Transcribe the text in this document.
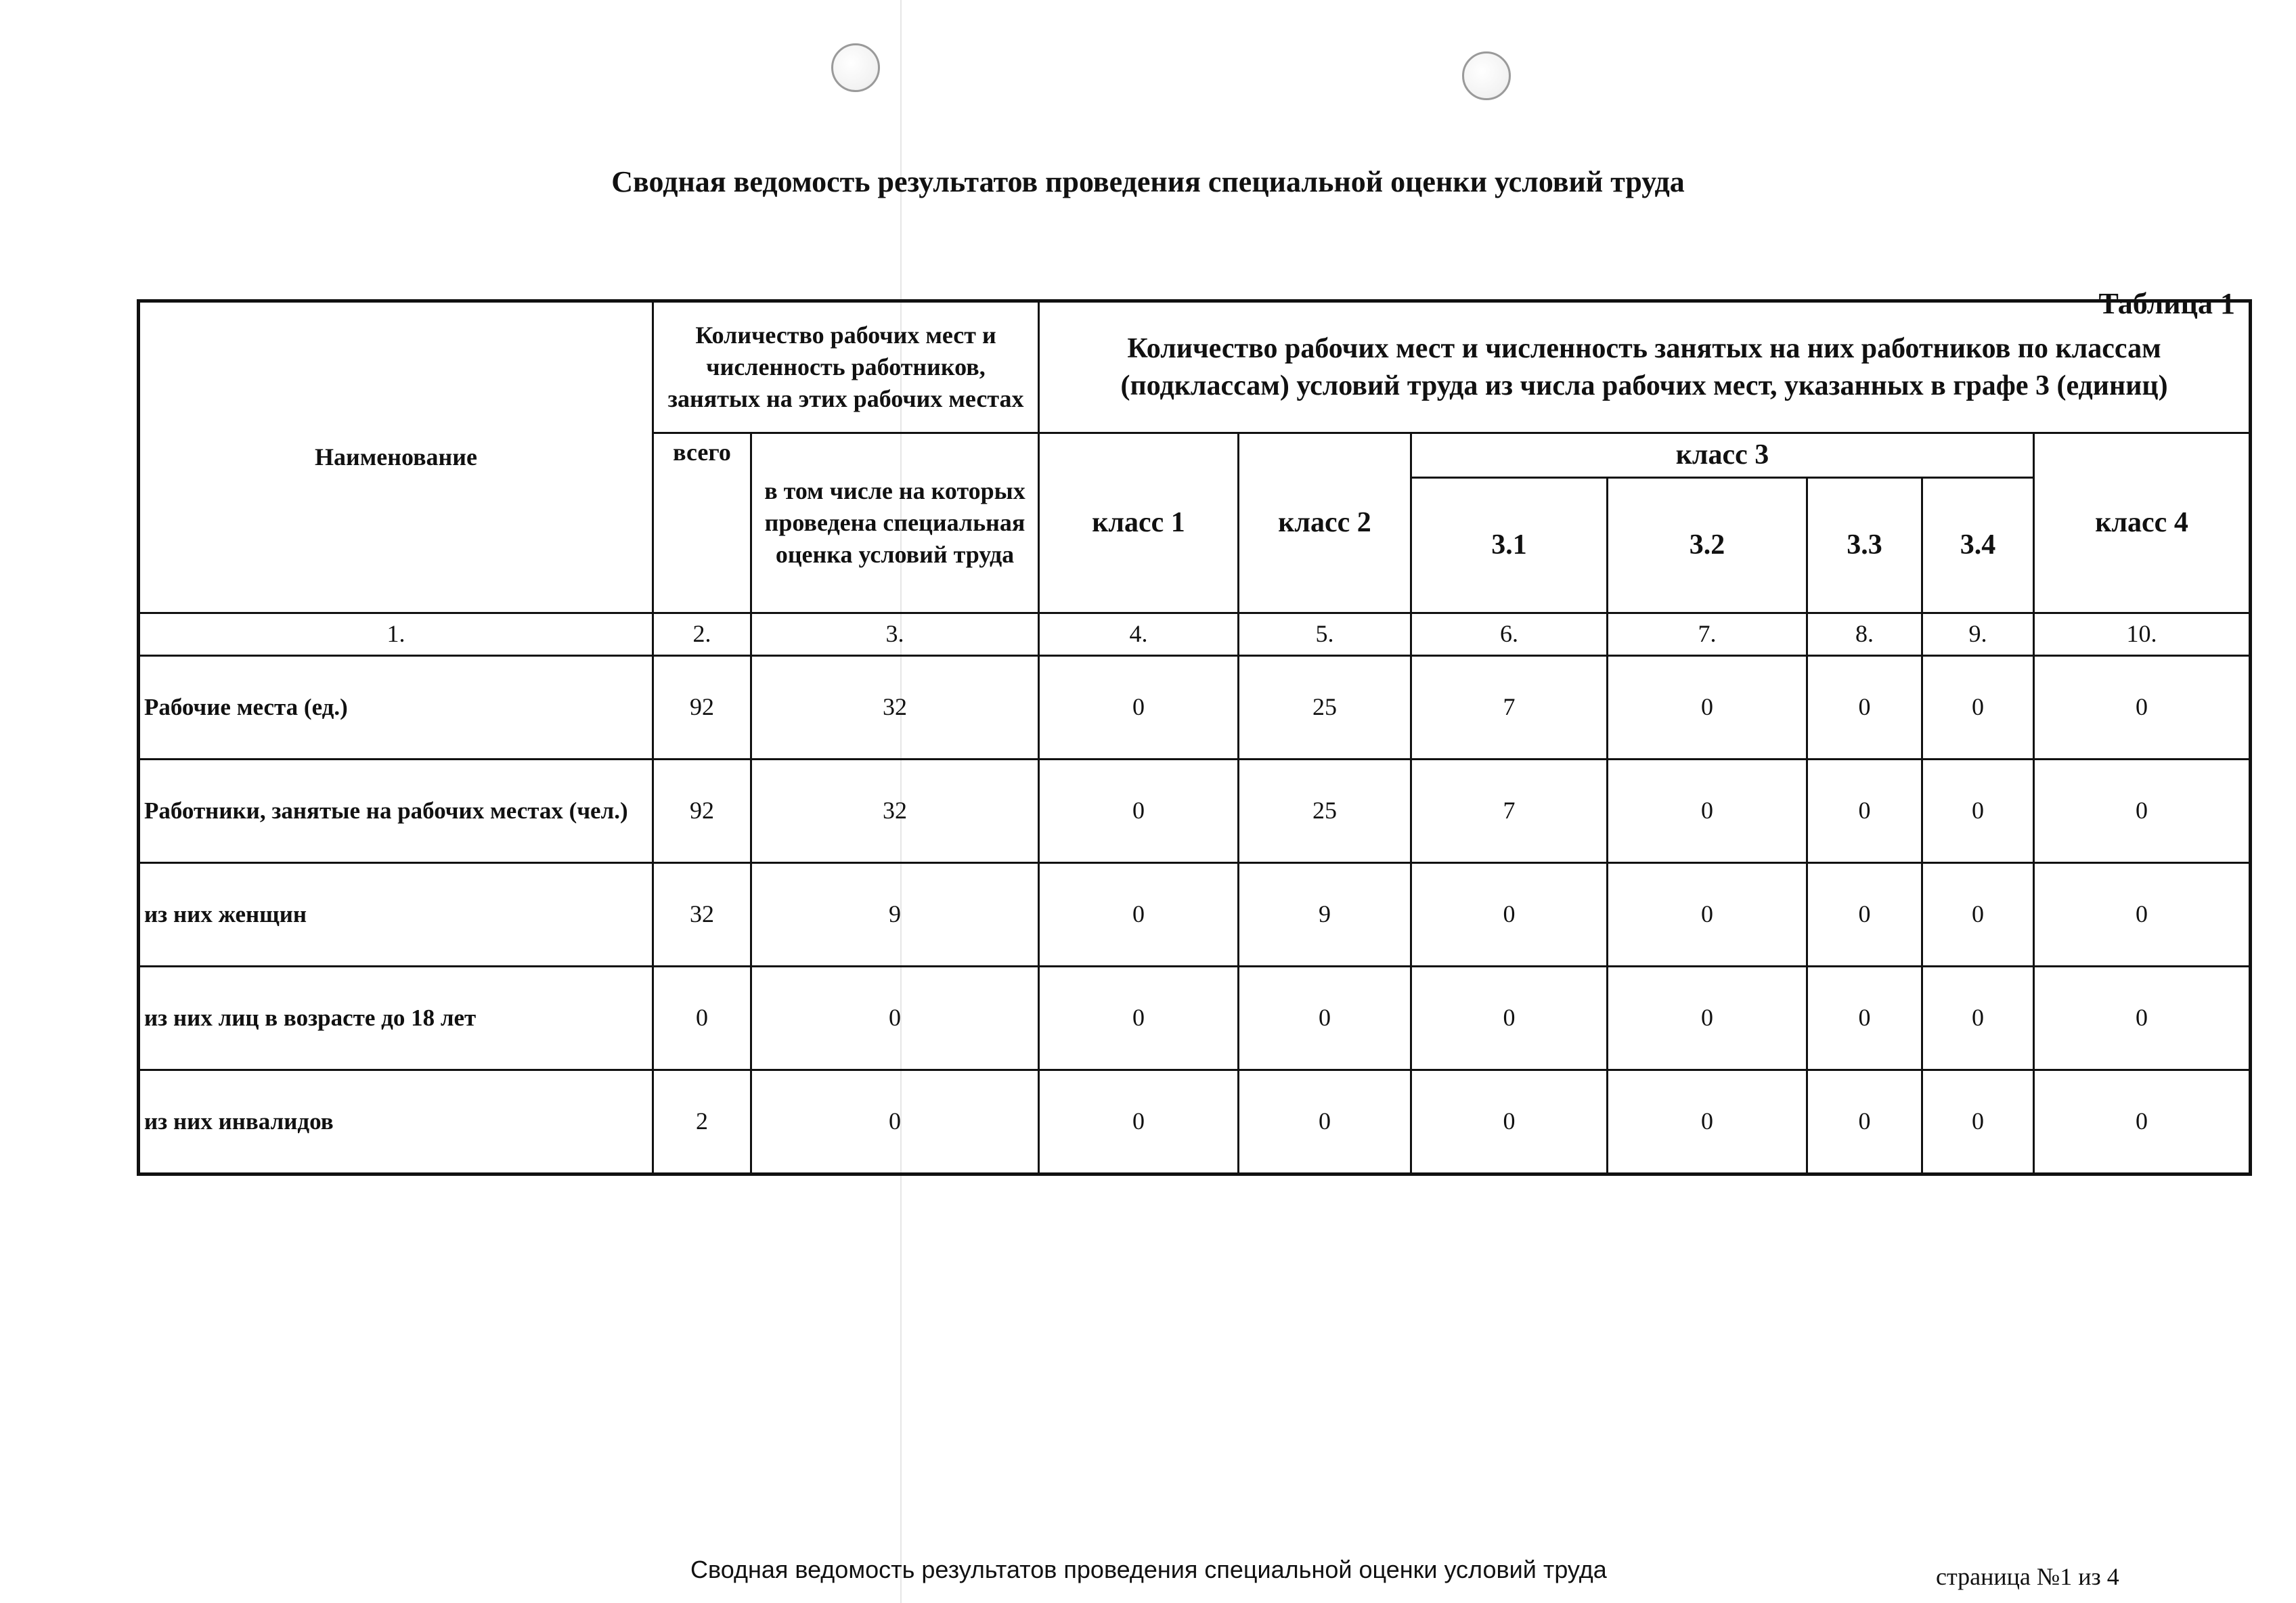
Сводная ведомость результатов проведения специальной оценки условий труда
Таблица 1
Наименование	Количество рабочих мест и численность работников, занятых на этих рабочих местах		Количество рабочих мест и численность занятых на них работников по классам (подклассам) условий труда из числа рабочих мест, указанных в графе 3 (единиц)						
	всего	в том числе на которых проведена специальная оценка условий труда	класс 1	класс 2	класс 3				класс 4
					3.1	3.2	3.3	3.4	
1.	2.	3.	4.	5.	6.	7.	8.	9.	10.
Рабочие места (ед.)	92	32	0	25	7	0	0	0	0
Работники, занятые на рабочих местах (чел.)	92	32	0	25	7	0	0	0	0
из них женщин	32	9	0	9	0	0	0	0	0
из них лиц в возрасте до 18 лет	0	0	0	0	0	0	0	0	0
из них инвалидов	2	0	0	0	0	0	0	0	0
Сводная ведомость результатов проведения специальной оценки условий труда	страница №1 из 4
